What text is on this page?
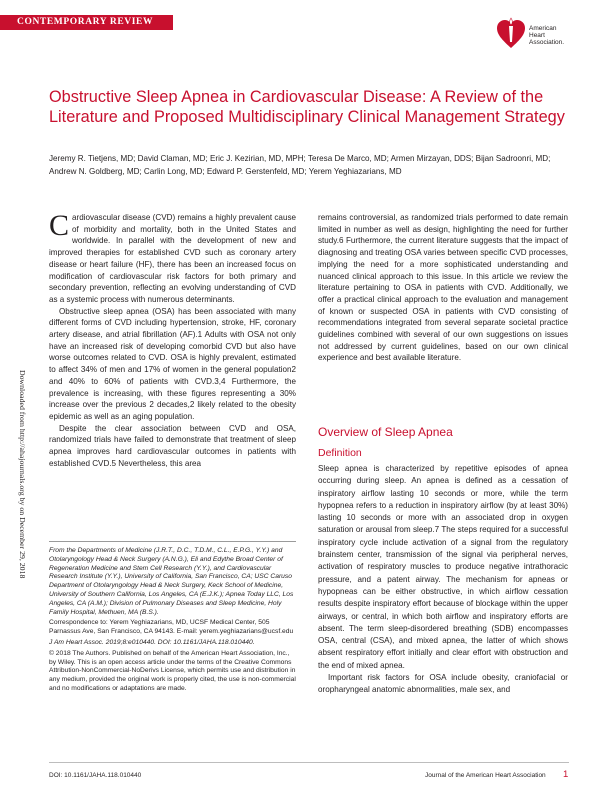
CONTEMPORARY REVIEW
American
Heart
Association.
Obstructive Sleep Apnea in Cardiovascular Disease: A Review of the Literature and Proposed Multidisciplinary Clinical Management Strategy
Jeremy R. Tietjens, MD; David Claman, MD; Eric J. Kezirian, MD, MPH; Teresa De Marco, MD; Armen Mirzayan, DDS; Bijan Sadroonri, MD; Andrew N. Goldberg, MD; Carlin Long, MD; Edward P. Gerstenfeld, MD; Yerem Yeghiazarians, MD
Downloaded from http://ahajournals.org by on December 29, 2018

Cardiovascular disease (CVD) remains a highly prevalent cause of morbidity and mortality, both in the United States and worldwide. In parallel with the development of new and improved therapies for established CVD such as coronary artery disease or heart failure (HF), there has been an increased focus on modification of cardiovascular risk factors for both primary and secondary prevention, reflecting an evolving understanding of CVD as a systemic process with numerous determinants.

Obstructive sleep apnea (OSA) has been associated with many different forms of CVD including hypertension, stroke, HF, coronary artery disease, and atrial fibrillation (AF).1 Adults with OSA not only have an increased risk of developing comorbid CVD but also have worse outcomes related to CVD. OSA is highly prevalent, estimated to affect 34% of men and 17% of women in the general population2 and 40% to 60% of patients with CVD.3,4 Furthermore, the prevalence is increasing, with these figures representing a 30% increase over the previous 2 decades,2 likely related to the obesity epidemic as well as an aging population.

Despite the clear association between CVD and OSA, randomized trials have failed to demonstrate that treatment of sleep apnea improves hard cardiovascular outcomes in patients with established CVD.5 Nevertheless, this area

From the Departments of Medicine (J.R.T., D.C., T.D.M., C.L., E.P.G., Y.Y.) and Otolaryngology Head & Neck Surgery (A.N.G.), Eli and Edythe Broad Center of Regeneration Medicine and Stem Cell Research (Y.Y.), and Cardiovascular Research Institute (Y.Y.), University of California, San Francisco, CA; USC Caruso Department of Otolaryngology Head & Neck Surgery, Keck School of Medicine, University of Southern California, Los Angeles, CA (E.J.K.); Apnea Today LLC, Los Angeles, CA (A.M.); Division of Pulmonary Diseases and Sleep Medicine, Holy Family Hospital, Methuen, MA (B.S.).

Correspondence to: Yerem Yeghiazarians, MD, UCSF Medical Center, 505 Parnassus Ave, San Francisco, CA 94143. E-mail: yerem.yeghiazarians@ucsf.edu

J Am Heart Assoc. 2019;8:e010440. DOI: 10.1161/JAHA.118.010440.

© 2018 The Authors. Published on behalf of the American Heart Association, Inc., by Wiley. This is an open access article under the terms of the Creative Commons Attribution-NonCommercial-NoDerivs License, which permits use and distribution in any medium, provided the original work is properly cited, the use is non-commercial and no modifications or adaptations are made.

remains controversial, as randomized trials performed to date remain limited in number as well as design, highlighting the need for further study.6 Furthermore, the current literature suggests that the impact of diagnosing and treating OSA varies between specific CVD processes, implying the need for a more sophisticated understanding and nuanced clinical approach to this issue. In this article we review the literature pertaining to OSA in patients with CVD. Additionally, we offer a practical clinical approach to the evaluation and management of known or suspected OSA in patients with CVD consisting of recommendations integrated from several separate societal practice guidelines combined with several of our own suggestions on issues not addressed by current guidelines, based on our own clinical experience and best available literature.

Overview of Sleep Apnea
Definition

Sleep apnea is characterized by repetitive episodes of apnea occurring during sleep. An apnea is defined as a cessation of inspiratory airflow lasting 10 seconds or more, while the term hypopnea refers to a reduction in inspiratory airflow (by at least 30%) lasting 10 seconds or more with an associated drop in oxygen saturation or arousal from sleep.7 The steps required for a successful inspiratory cycle include activation of a signal from the regulatory brainstem center, transmission of the signal via peripheral nerves, activation of respiratory muscles to produce negative intrathoracic pressure, and a patent airway. The mechanism for apneas or hypopneas can be either obstructive, in which airflow cessation results despite inspiratory effort because of blockage within the upper airways, or central, in which both airflow and inspiratory efforts are absent. The term sleep-disordered breathing (SDB) encompasses OSA, central (CSA), and mixed apnea, the latter of which shows absent respiratory effort initially and clear effort with obstruction and the end of mixed apnea.

Important risk factors for OSA include obesity, craniofacial or oropharyngeal anatomic abnormalities, male sex, and

DOI: 10.1161/JAHA.118.010440	Journal of the American Heart Association 1
